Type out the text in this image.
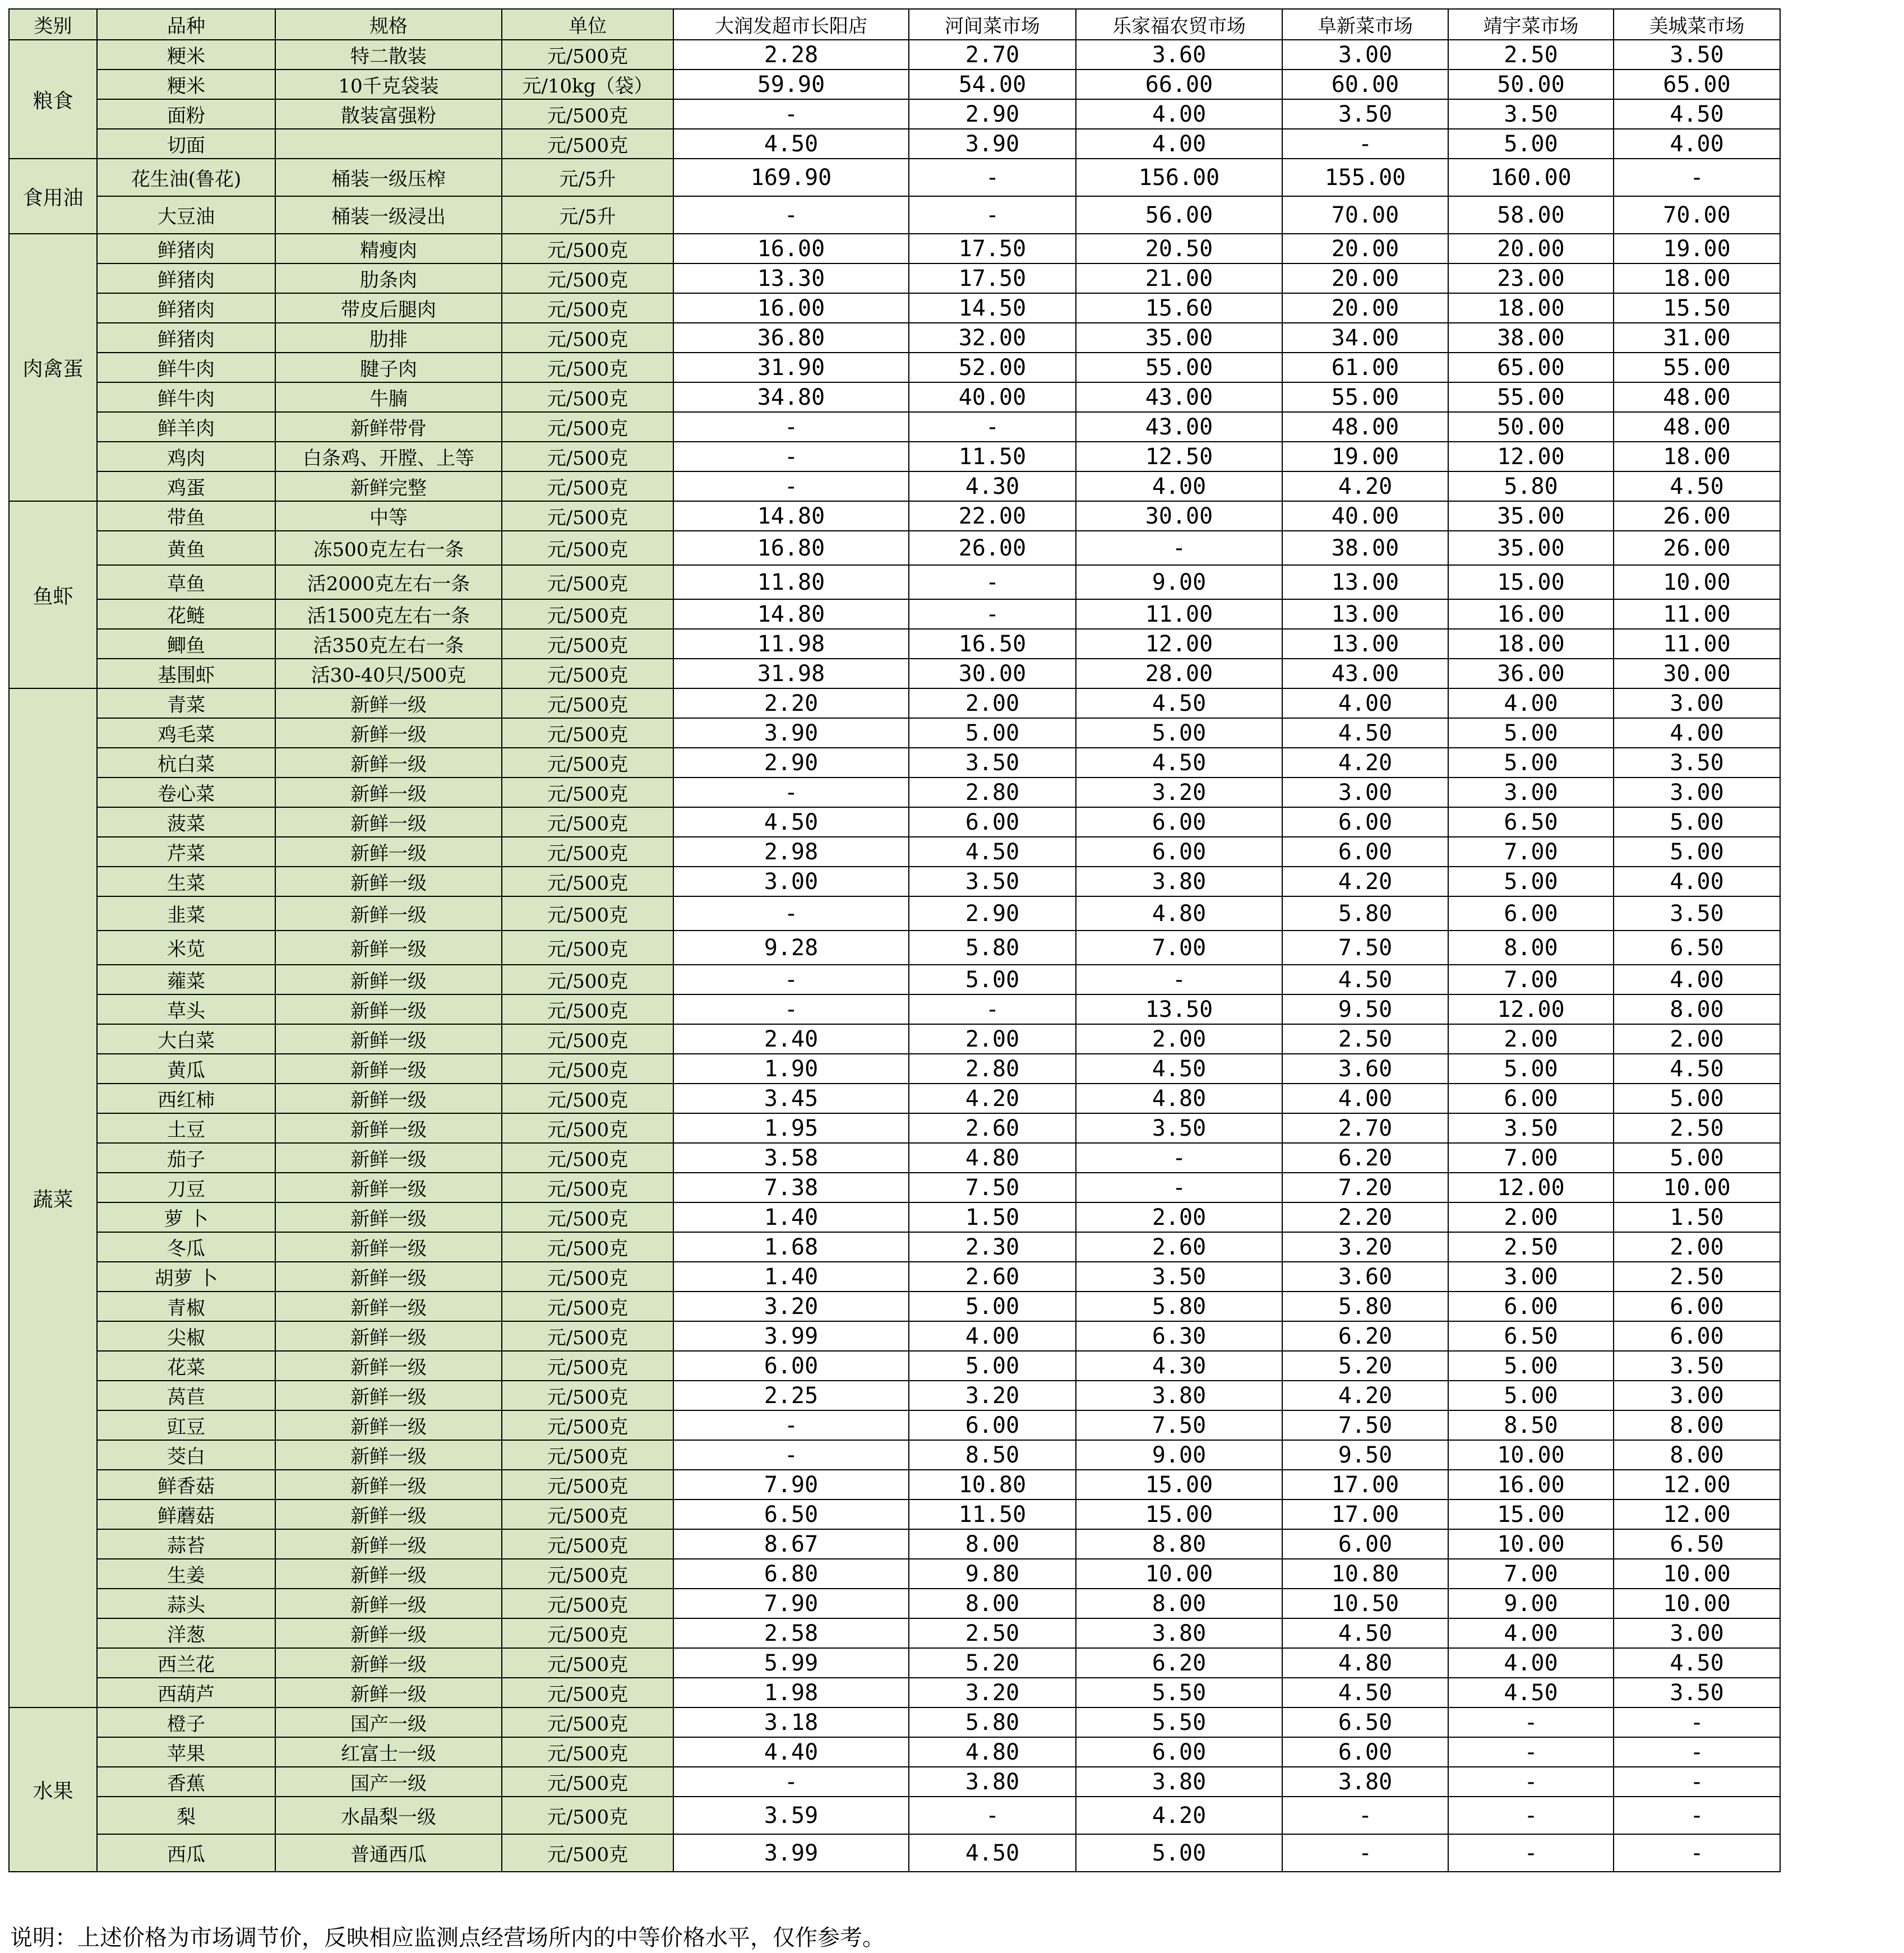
类别	品种	规格	单位	大润发超市长阳店	河间菜市场	乐家福农贸市场	阜新菜市场	靖宇菜市场	美城菜市场
粮食	粳米	特二散装	元/500克	2.28	2.70	3.60	3.00	2.50	3.50
	粳米	10千克袋装	元/10kg（袋）	59.90	54.00	66.00	60.00	50.00	65.00
	面粉	散装富强粉	元/500克	-	2.90	4.00	3.50	3.50	4.50
	切面		元/500克	4.50	3.90	4.00	-	5.00	4.00
食用油	花生油(鲁花)	桶装一级压榨	元/5升	169.90	-	156.00	155.00	160.00	-
	大豆油	桶装一级浸出	元/5升	-	-	56.00	70.00	58.00	70.00
肉禽蛋	鲜猪肉	精瘦肉	元/500克	16.00	17.50	20.50	20.00	20.00	19.00
	鲜猪肉	肋条肉	元/500克	13.30	17.50	21.00	20.00	23.00	18.00
	鲜猪肉	带皮后腿肉	元/500克	16.00	14.50	15.60	20.00	18.00	15.50
	鲜猪肉	肋排	元/500克	36.80	32.00	35.00	34.00	38.00	31.00
	鲜牛肉	腱子肉	元/500克	31.90	52.00	55.00	61.00	65.00	55.00
	鲜牛肉	牛腩	元/500克	34.80	40.00	43.00	55.00	55.00	48.00
	鲜羊肉	新鲜带骨	元/500克	-	-	43.00	48.00	50.00	48.00
	鸡肉	白条鸡、开膛、上等	元/500克	-	11.50	12.50	19.00	12.00	18.00
	鸡蛋	新鲜完整	元/500克	-	4.30	4.00	4.20	5.80	4.50
鱼虾	带鱼	中等	元/500克	14.80	22.00	30.00	40.00	35.00	26.00
	黄鱼	冻500克左右一条	元/500克	16.80	26.00	-	38.00	35.00	26.00
	草鱼	活2000克左右一条	元/500克	11.80	-	9.00	13.00	15.00	10.00
	花鲢	活1500克左右一条	元/500克	14.80	-	11.00	13.00	16.00	11.00
	鲫鱼	活350克左右一条	元/500克	11.98	16.50	12.00	13.00	18.00	11.00
	基围虾	活30-40只/500克	元/500克	31.98	30.00	28.00	43.00	36.00	30.00
蔬菜	青菜	新鲜一级	元/500克	2.20	2.00	4.50	4.00	4.00	3.00
	鸡毛菜	新鲜一级	元/500克	3.90	5.00	5.00	4.50	5.00	4.00
	杭白菜	新鲜一级	元/500克	2.90	3.50	4.50	4.20	5.00	3.50
	卷心菜	新鲜一级	元/500克	-	2.80	3.20	3.00	3.00	3.00
	菠菜	新鲜一级	元/500克	4.50	6.00	6.00	6.00	6.50	5.00
	芹菜	新鲜一级	元/500克	2.98	4.50	6.00	6.00	7.00	5.00
	生菜	新鲜一级	元/500克	3.00	3.50	3.80	4.20	5.00	4.00
	韭菜	新鲜一级	元/500克	-	2.90	4.80	5.80	6.00	3.50
	米苋	新鲜一级	元/500克	9.28	5.80	7.00	7.50	8.00	6.50
	蕹菜	新鲜一级	元/500克	-	5.00	-	4.50	7.00	4.00
	草头	新鲜一级	元/500克	-	-	13.50	9.50	12.00	8.00
	大白菜	新鲜一级	元/500克	2.40	2.00	2.00	2.50	2.00	2.00
	黄瓜	新鲜一级	元/500克	1.90	2.80	4.50	3.60	5.00	4.50
	西红柿	新鲜一级	元/500克	3.45	4.20	4.80	4.00	6.00	5.00
	土豆	新鲜一级	元/500克	1.95	2.60	3.50	2.70	3.50	2.50
	茄子	新鲜一级	元/500克	3.58	4.80	-	6.20	7.00	5.00
	刀豆	新鲜一级	元/500克	7.38	7.50	-	7.20	12.00	10.00
	萝 卜	新鲜一级	元/500克	1.40	1.50	2.00	2.20	2.00	1.50
	冬瓜	新鲜一级	元/500克	1.68	2.30	2.60	3.20	2.50	2.00
	胡萝 卜	新鲜一级	元/500克	1.40	2.60	3.50	3.60	3.00	2.50
	青椒	新鲜一级	元/500克	3.20	5.00	5.80	5.80	6.00	6.00
	尖椒	新鲜一级	元/500克	3.99	4.00	6.30	6.20	6.50	6.00
	花菜	新鲜一级	元/500克	6.00	5.00	4.30	5.20	5.00	3.50
	莴苣	新鲜一级	元/500克	2.25	3.20	3.80	4.20	5.00	3.00
	豇豆	新鲜一级	元/500克	-	6.00	7.50	7.50	8.50	8.00
	茭白	新鲜一级	元/500克	-	8.50	9.00	9.50	10.00	8.00
	鲜香菇	新鲜一级	元/500克	7.90	10.80	15.00	17.00	16.00	12.00
	鲜蘑菇	新鲜一级	元/500克	6.50	11.50	15.00	17.00	15.00	12.00
	蒜苔	新鲜一级	元/500克	8.67	8.00	8.80	6.00	10.00	6.50
	生姜	新鲜一级	元/500克	6.80	9.80	10.00	10.80	7.00	10.00
	蒜头	新鲜一级	元/500克	7.90	8.00	8.00	10.50	9.00	10.00
	洋葱	新鲜一级	元/500克	2.58	2.50	3.80	4.50	4.00	3.00
	西兰花	新鲜一级	元/500克	5.99	5.20	6.20	4.80	4.00	4.50
	西葫芦	新鲜一级	元/500克	1.98	3.20	5.50	4.50	4.50	3.50
水果	橙子	国产一级	元/500克	3.18	5.80	5.50	6.50	-	-
	苹果	红富士一级	元/500克	4.40	4.80	6.00	6.00	-	-
	香蕉	国产一级	元/500克	-	3.80	3.80	3.80	-	-
	梨	水晶梨一级	元/500克	3.59	-	4.20	-	-	-
	西瓜	普通西瓜	元/500克	3.99	4.50	5.00	-	-	-
说明：上述价格为市场调节价，反映相应监测点经营场所内的中等价格水平，仅作参考。
